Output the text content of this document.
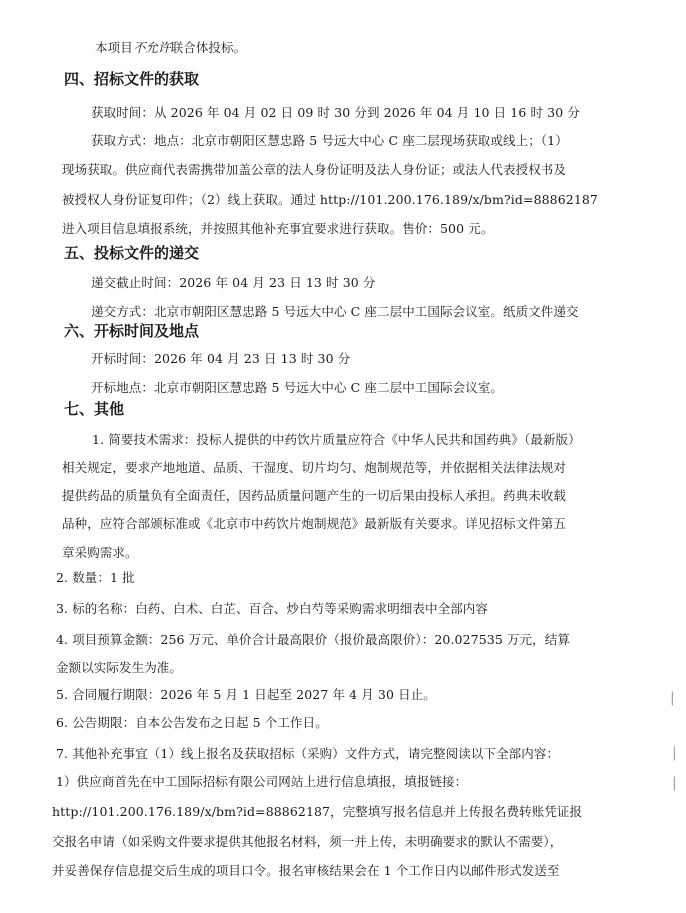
本项目不允许联合体投标。
四、招标文件的获取
获取时间：从 2026 年 04 月 02 日 09 时 30 分到 2026 年 04 月 10 日 16 时 30 分
获取方式：地点：北京市朝阳区慧忠路 5 号远大中心 C 座二层现场获取或线上；（1）
现场获取。供应商代表需携带加盖公章的法人身份证明及法人身份证；或法人代表授权书及
被授权人身份证复印件；（2）线上获取。通过 http://101.200.176.189/x/bm?id=88862187
进入项目信息填报系统，并按照其他补充事宜要求进行获取。售价：500 元。
五、投标文件的递交
递交截止时间：2026 年 04 月 23 日 13 时 30 分
递交方式：北京市朝阳区慧忠路 5 号远大中心 C 座二层中工国际会议室。纸质文件递交
六、开标时间及地点
开标时间：2026 年 04 月 23 日 13 时 30 分
开标地点：北京市朝阳区慧忠路 5 号远大中心 C 座二层中工国际会议室。
七、其他
1. 简要技术需求：投标人提供的中药饮片质量应符合《中华人民共和国药典》（最新版）
相关规定，要求产地地道、品质、干湿度、切片均匀、炮制规范等，并依据相关法律法规对
提供药品的质量负有全面责任，因药品质量问题产生的一切后果由投标人承担。药典未收载
品种，应符合部颁标准或《北京市中药饮片炮制规范》最新版有关要求。详见招标文件第五
章采购需求。
2. 数量：1 批
3. 标的名称：白药、白术、白芷、百合、炒白芍等采购需求明细表中全部内容
4. 项目预算金额：256 万元、单价合计最高限价（报价最高限价）：20.027535 万元，结算
金额以实际发生为准。
5. 合同履行期限：2026 年 5 月 1 日起至 2027 年 4 月 30 日止。
6. 公告期限：自本公告发布之日起 5 个工作日。
7. 其他补充事宜（1）线上报名及获取招标（采购）文件方式，请完整阅读以下全部内容：
1）供应商首先在中工国际招标有限公司网站上进行信息填报，填报链接：
http://101.200.176.189/x/bm?id=88862187，完整填写报名信息并上传报名费转账凭证报
交报名申请（如采购文件要求提供其他报名材料，须一并上传，未明确要求的默认不需要），
并妥善保存信息提交后生成的项目口令。报名审核结果会在 1 个工作日内以邮件形式发送至
|
|
|
